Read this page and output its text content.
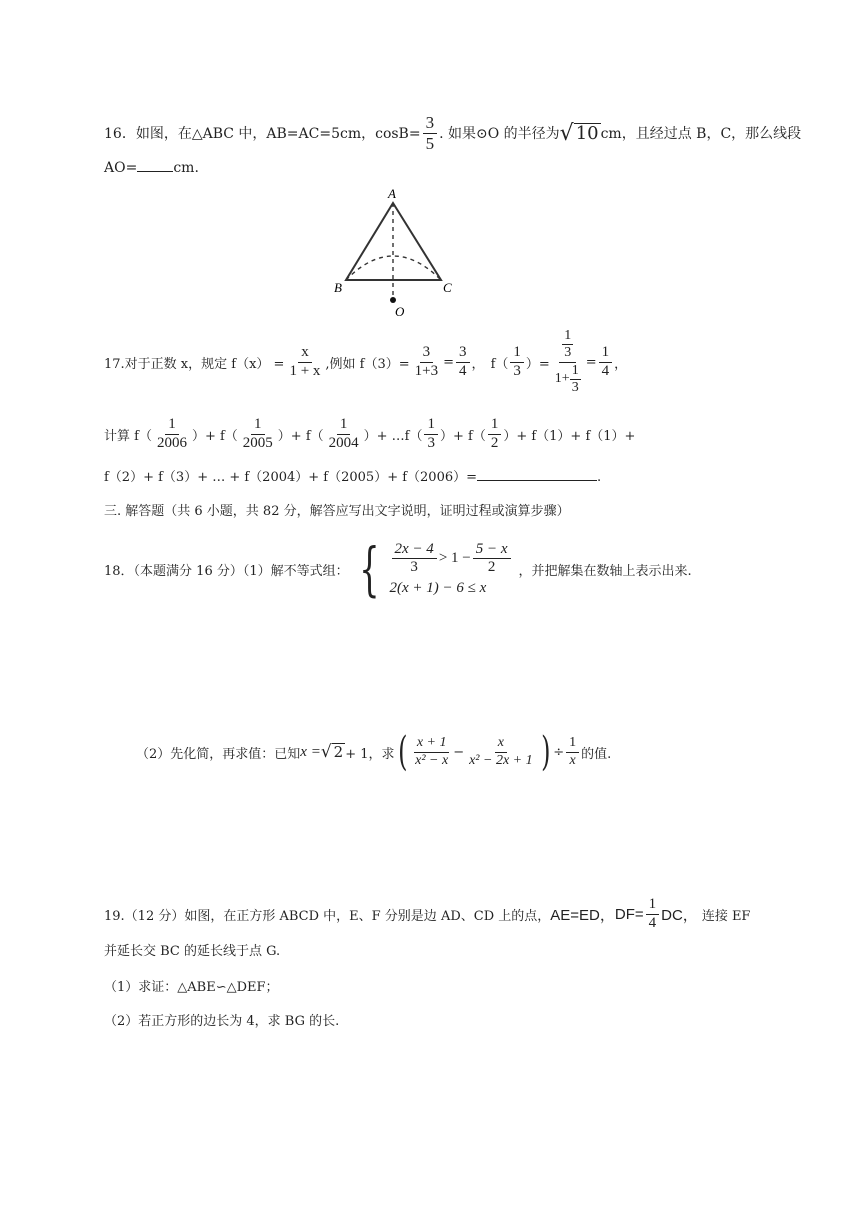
16．如图，在△ABC 中，AB=AC=5cm，$\cos B= \frac{3}{5}$ . 如果⊙O 的半径为 √ 10 cm，且经过点 B，C，那么线段
AO=	cm.
A
B	C
O
17.对于正数 x，规定 $f(x) = \frac{x}{1 + x}$ ,例如 $f(3)= \frac{3}{1+3} = \frac{3}{4}$ ， $f( \frac{1}{3}$ ）= 1
3
$1+ \frac{1}{3} = \frac{1}{4}$ ，
计算 $f( \frac{1}{2006}$ ）+ $f( \frac{1}{2005}$ ）+ $f( \frac{1}{2004}$ ）+ …f（ $\frac{1}{3}$ ）+ $f( \frac{1}{2}$ ）+ f（1）+ f（1）+
f（2）+ f（3）+ … + f（2004）+ f（2005）+ f（2006）=	.
三. 解答题（共 6 小题，共 82 分，解答应写出文字说明，证明过程或演算步骤）
18．（本题满分 16 分）（1）解不等式组： { $\frac{2x - 4}{3} > 1 - \frac{5 - x}{2}$
2(x + 1) − 6 ≤ x
，并把解集在数轴上表示出来.
（2）先化简，再求值：已知 x = √ 2 + 1，求 ( $\frac{x + 1}{\text{x² − x}} - \frac{x}{\text{x² − 2x + 1}}$ ) ÷ $\frac{1}{x}$ 的值.
19.（12 分）如图，在正方形 ABCD 中，E、F 分别是边 AD、CD 上的点， AE=ED， $DF= \frac{1}{4}$ DC， 连接 EF
并延长交 BC 的延长线于点 G.
（1）求证：△ABE∽△DEF；
（2）若正方形的边长为 4，求 BG 的长.
